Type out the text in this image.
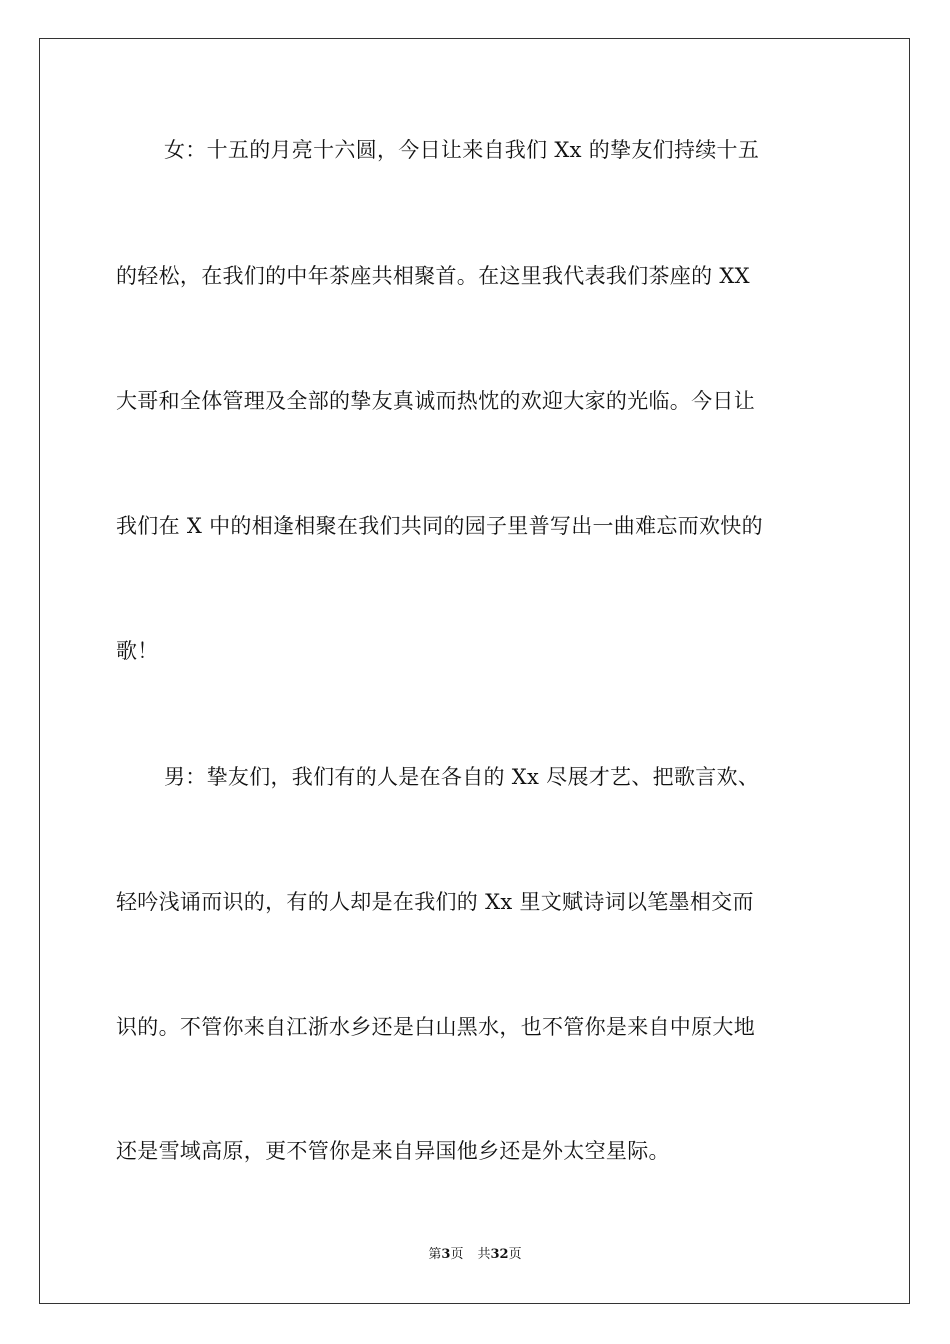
女：十五的月亮十六圆，今日让来自我们 Xx 的挚友们持续十五
的轻松，在我们的中年茶座共相聚首。在这里我代表我们茶座的 XX
大哥和全体管理及全部的挚友真诚而热忱的欢迎大家的光临。今日让
我们在 X 中的相逢相聚在我们共同的园子里普写出一曲难忘而欢快的
歌！
男：挚友们，我们有的人是在各自的 Xx 尽展才艺、把歌言欢、
轻吟浅诵而识的，有的人却是在我们的 Xx 里文赋诗词以笔墨相交而
识的。不管你来自江浙水乡还是白山黑水，也不管你是来自中原大地
还是雪域高原，更不管你是来自异国他乡还是外太空星际。
第3页 共32页
